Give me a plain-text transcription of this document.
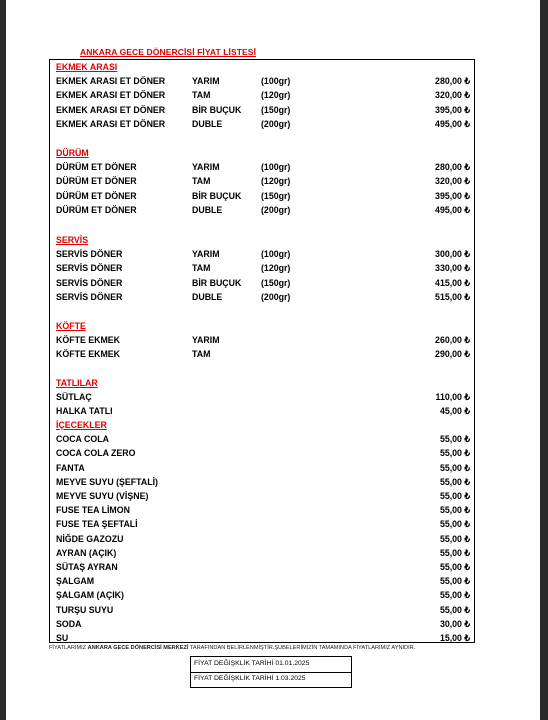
ANKARA GECE DÖNERCİSİ FİYAT LİSTESİ
EKMEK ARASI
EKMEK ARASI ET DÖNER	YARIM	(100gr)	280,00 ₺
EKMEK ARASI ET DÖNER	TAM	(120gr)	320,00 ₺
EKMEK ARASI ET DÖNER	BİR BUÇUK (150gr)	395,00 ₺
EKMEK ARASI ET DÖNER	DUBLE	(200gr)	495,00 ₺
DÜRÜM
DÜRÜM ET DÖNER	YARIM	(100gr)	280,00 ₺
DÜRÜM ET DÖNER	TAM	(120gr)	320,00 ₺
DÜRÜM ET DÖNER	BİR BUÇUK (150gr)	395,00 ₺
DÜRÜM ET DÖNER	DUBLE	(200gr)	495,00 ₺
SERVİS
SERVİS DÖNER	YARIM	(100gr)	300,00 ₺
SERVİS DÖNER	TAM	(120gr)	330,00 ₺
SERVİS DÖNER	BİR BUÇUK (150gr)	415,00 ₺
SERVİS DÖNER	DUBLE	(200gr)	515,00 ₺
KÖFTE
KÖFTE EKMEK	YARIM	260,00 ₺
KÖFTE EKMEK	TAM	290,00 ₺
TATLILAR
SÜTLAÇ	110,00 ₺
HALKA TATLI	45,00 ₺
İÇECEKLER
COCA COLA	55,00 ₺
COCA COLA ZERO	55,00 ₺
FANTA	55,00 ₺
MEYVE SUYU (ŞEFTALİ)	55,00 ₺
MEYVE SUYU (VİŞNE)	55,00 ₺
FUSE TEA LİMON	55,00 ₺
FUSE TEA ŞEFTALİ	55,00 ₺
NİĞDE GAZOZU	55,00 ₺
AYRAN (AÇIK)	55,00 ₺
SÜTAŞ AYRAN	55,00 ₺
ŞALGAM	55,00 ₺
ŞALGAM (AÇIK)	55,00 ₺
TURŞU SUYU	55,00 ₺
SODA	30,00 ₺
SU	15,00 ₺
FİYATLARIMIZ ANKARA GECE DÖNERCİSİ MERKEZİ TARAFINDAN BELİRLENMİŞTİR.ŞUBELERİMİZİN TAMAMINDA FİYATLARIMIZ AYNIDIR.
FİYAT DEĞİŞKLİK TARİHİ 01.01.2025
FİYAT DEĞİŞKLİK TARİHİ 1.03.2025
